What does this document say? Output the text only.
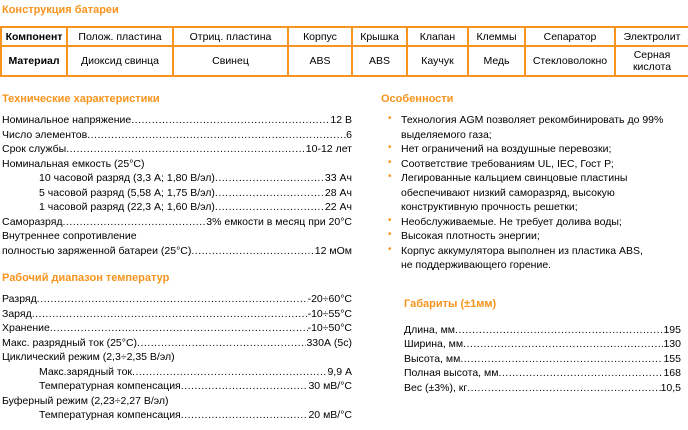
Конструкция батареи
Компонент	Полож. пластина	Отриц. пластина	Корпус	Крышка	Клапан	Клеммы	Сепаратор	Электролит
Материал	Диоксид свинца	Свинец	ABS	ABS	Каучук	Медь	Стекловолокно	Серная кислота
Технические характеристики
Номинальное напряжение .....	12 В
Число элементов .....	6
Срок службы .....	10-12 лет
Номинальная емкость (25°C)
10 часовой разряд (3,3 А; 1,80 В/эл) .....	33 Ач
5 часовой разряд (5,58 А; 1,75 В/эл) .....	28 Ач
1 часовой разряд (22,3 А; 1,60 В/эл) .....	22 Ач
Саморазряд .....	3% емкости в месяц при 20°C
Внутреннее сопротивление
полностью заряженной батареи (25°C) .....	12 мОм
Рабочий диапазон температур
Разряд .....	-20÷60°C
Заряд .....	-10÷55°C
Хранение .....	-10÷50°C
Макс. разрядный ток (25°C) .....	330А (5с)
Циклический режим (2,3÷2,35 В/эл)
Макс.зарядный ток .....	9,9 А
Температурная компенсация .....	30 мВ/°C
Буферный режим (2,23÷2,27 В/эл)
Температурная компенсация .....	20 мВ/°C
Особенности
• Технология AGM позволяет рекомбинировать до 99%
выделяемого газа;
• Нет ограничений на воздушные перевозки;
• Соответствие требованиям UL, IEC, Гост Р;
• Легированные кальцием свинцовые пластины
обеспечивают низкий саморазряд, высокую
конструктивную прочность решетки;
• Необслуживаемые. Не требует долива воды;
• Высокая плотность энергии;
• Корпус аккумулятора выполнен из пластика ABS,
не поддерживающего горение.
Габариты (±1мм)
Длина, мм .....	195
Ширина, мм .....	130
Высота, мм .....	155
Полная высота, мм .....	168
Вес (±3%), кг .....	10,5
